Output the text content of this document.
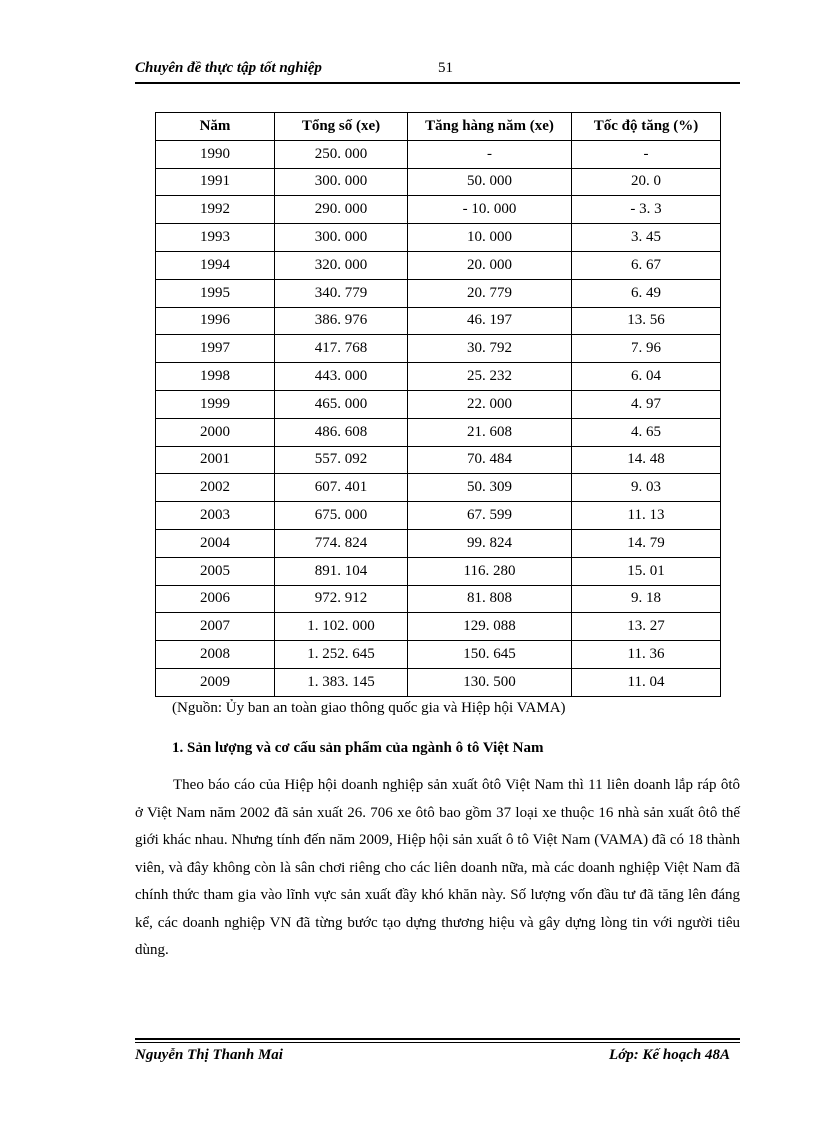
Chuyên đề thực tập tốt nghiệp	51
Năm	Tổng số (xe)	Tăng hàng năm (xe)	Tốc độ tăng (%)
1990	250. 000	-	-
1991	300. 000	50. 000	20. 0
1992	290. 000	- 10. 000	- 3. 3
1993	300. 000	10. 000	3. 45
1994	320. 000	20. 000	6. 67
1995	340. 779	20. 779	6. 49
1996	386. 976	46. 197	13. 56
1997	417. 768	30. 792	7. 96
1998	443. 000	25. 232	6. 04
1999	465. 000	22. 000	4. 97
2000	486. 608	21. 608	4. 65
2001	557. 092	70. 484	14. 48
2002	607. 401	50. 309	9. 03
2003	675. 000	67. 599	11. 13
2004	774. 824	99. 824	14. 79
2005	891. 104	116. 280	15. 01
2006	972. 912	81. 808	9. 18
2007	1. 102. 000	129. 088	13. 27
2008	1. 252. 645	150. 645	11. 36
2009	1. 383. 145	130. 500	11. 04
(Nguồn: Ủy ban an toàn giao thông quốc gia và Hiệp hội VAMA)
1. Sản lượng và cơ cấu sản phẩm của ngành ô tô Việt Nam
Theo báo cáo của Hiệp hội doanh nghiệp sản xuất ôtô Việt Nam thì 11 liên doanh lắp ráp ôtô ở Việt Nam năm 2002 đã sản xuất 26. 706 xe ôtô bao gồm 37 loại xe thuộc 16 nhà sản xuất ôtô thế giới khác nhau. Nhưng tính đến năm 2009, Hiệp hội sản xuất ô tô Việt Nam (VAMA) đã có 18 thành viên, và đây không còn là sân chơi riêng cho các liên doanh nữa, mà các doanh nghiệp Việt Nam đã chính thức tham gia vào lĩnh vực sản xuất đầy khó khăn này. Số lượng vốn đầu tư đã tăng lên đáng kể, các doanh nghiệp VN đã từng bước tạo dựng thương hiệu và gây dựng lòng tin với người tiêu dùng.
Nguyễn Thị Thanh Mai	Lớp: Kế hoạch 48A
